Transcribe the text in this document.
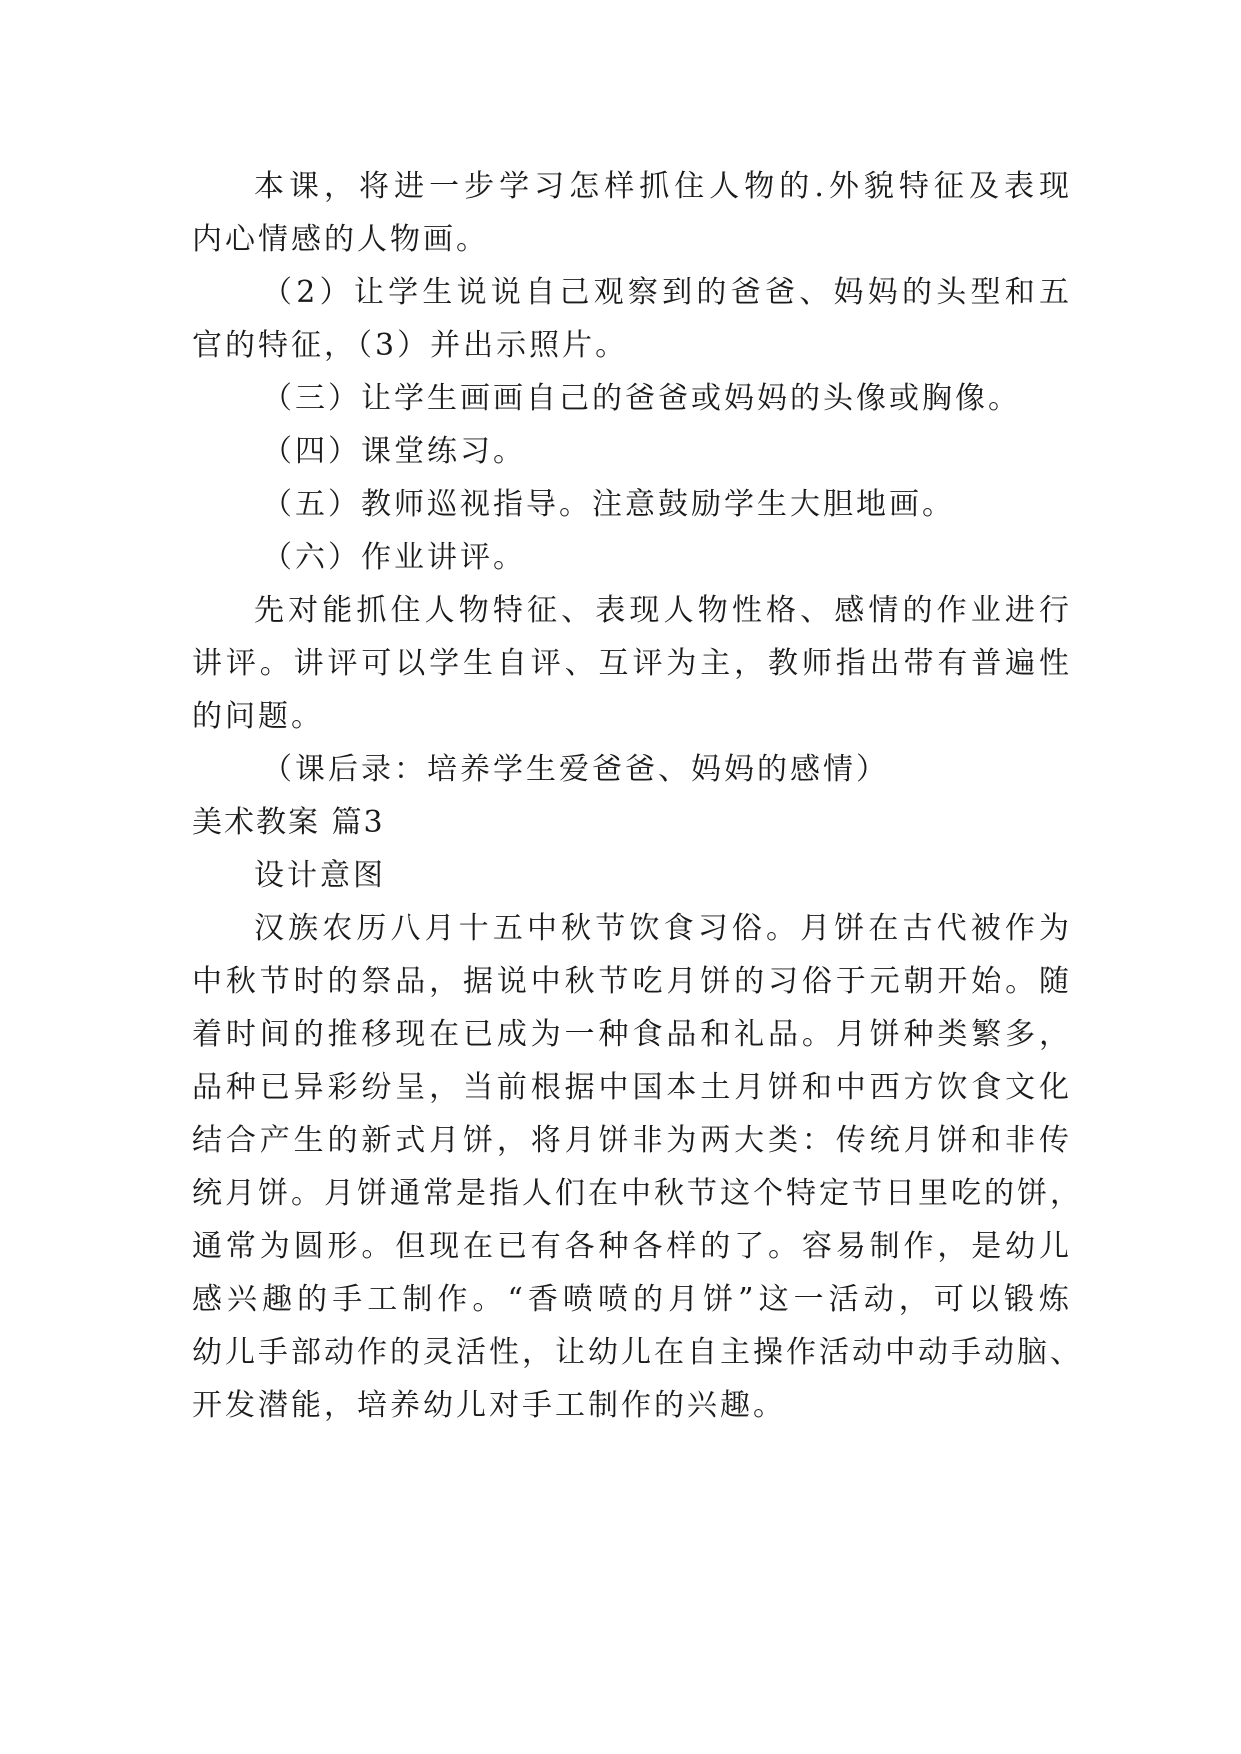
本课，将进一步学习怎样抓住人物的.外貌特征及表现
内心情感的人物画。
（2）让学生说说自己观察到的爸爸、妈妈的头型和五
官的特征，（3）并出示照片。
（三）让学生画画自己的爸爸或妈妈的头像或胸像。
（四）课堂练习。
（五）教师巡视指导。注意鼓励学生大胆地画。
（六）作业讲评。
先对能抓住人物特征、表现人物性格、感情的作业进行
讲评。讲评可以学生自评、互评为主，教师指出带有普遍性
的问题。
（课后录：培养学生爱爸爸、妈妈的感情）
美术教案 篇3
设计意图
汉族农历八月十五中秋节饮食习俗。月饼在古代被作为
中秋节时的祭品，据说中秋节吃月饼的习俗于元朝开始。随
着时间的推移现在已成为一种食品和礼品。月饼种类繁多，
品种已异彩纷呈，当前根据中国本土月饼和中西方饮食文化
结合产生的新式月饼，将月饼非为两大类：传统月饼和非传
统月饼。月饼通常是指人们在中秋节这个特定节日里吃的饼，
通常为圆形。但现在已有各种各样的了。容易制作，是幼儿
感兴趣的手工制作。“香喷喷的月饼”这一活动，可以锻炼
幼儿手部动作的灵活性，让幼儿在自主操作活动中动手动脑、
开发潜能，培养幼儿对手工制作的兴趣。
